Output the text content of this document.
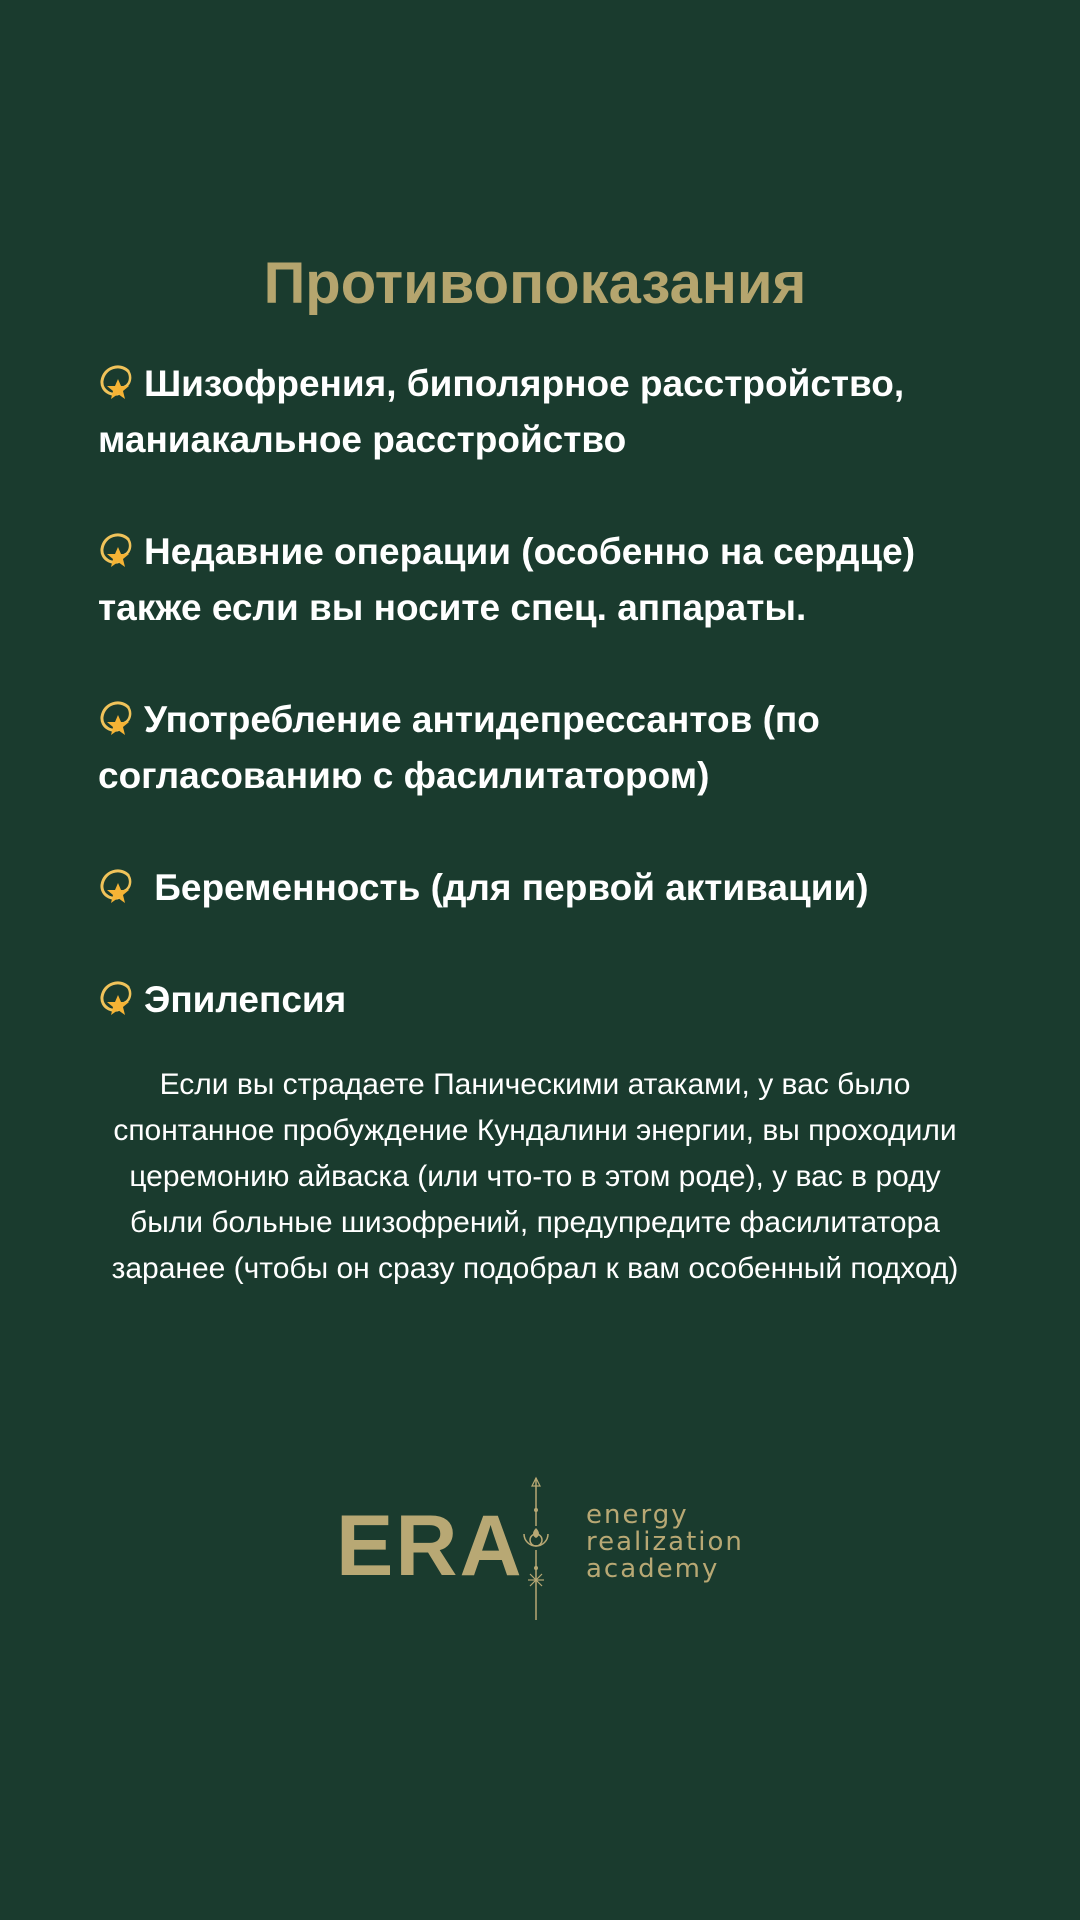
Противопоказания

Шизофрения, биполярное расстройство, маниакальное расстройство

Недавние операции (особенно на сердце) также если вы носите спец. аппараты.

Употребление антидепрессантов (по согласованию с фасилитатором)

Беременность (для первой активации)

Эпилепсия

Если вы страдаете Паническими атаками, у вас было спонтанное пробуждение Кундалини энергии, вы проходили церемонию айваска (или что-то в этом роде), у вас в роду были больные шизофрений, предупредите фасилитатора заранее (чтобы он сразу подобрал к вам особенный подход)
ERA energy
realization
academy
